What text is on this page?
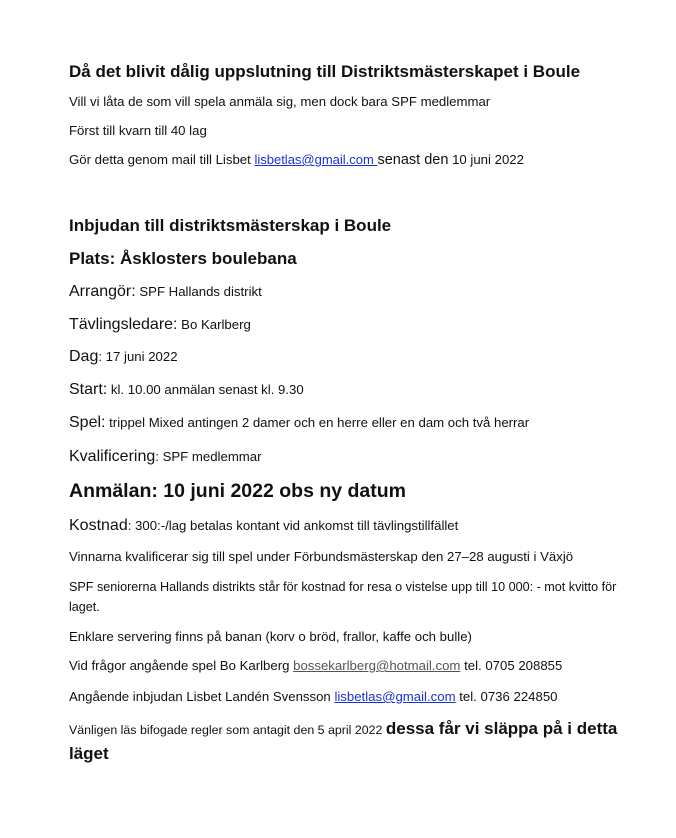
Då det blivit dålig uppslutning till Distriktsmästerskapet i Boule
Vill vi låta de som vill spela anmäla sig, men dock bara SPF medlemmar
Först till kvarn till 40 lag
Gör detta genom mail till Lisbet lisbetlas@gmail.com senast den 10 juni 2022
Inbjudan till distriktsmästerskap i Boule
Plats: Åsklosters boulebana
Arrangör: SPF Hallands distrikt
Tävlingsledare: Bo Karlberg
Dag: 17 juni 2022
Start: kl. 10.00 anmälan senast kl. 9.30
Spel: trippel Mixed antingen 2 damer och en herre eller en dam och två herrar
Kvalificering: SPF medlemmar
Anmälan: 10 juni 2022 obs ny datum
Kostnad: 300:-/lag betalas kontant vid ankomst till tävlingstillfället
Vinnarna kvalificerar sig till spel under Förbundsmästerskap den 27–28 augusti i Växjö
SPF seniorerna Hallands distrikts står för kostnad for resa o vistelse upp till 10 000: - mot kvitto för laget.
Enklare servering finns på banan (korv o bröd, frallor, kaffe och bulle)
Vid frågor angående spel Bo Karlberg bossekarlberg@hotmail.com tel. 0705 208855
Angående inbjudan Lisbet Landén Svensson lisbetlas@gmail.com tel. 0736 224850
Vänligen läs bifogade regler som antagit den 5 april 2022 dessa får vi släppa på i detta läget
